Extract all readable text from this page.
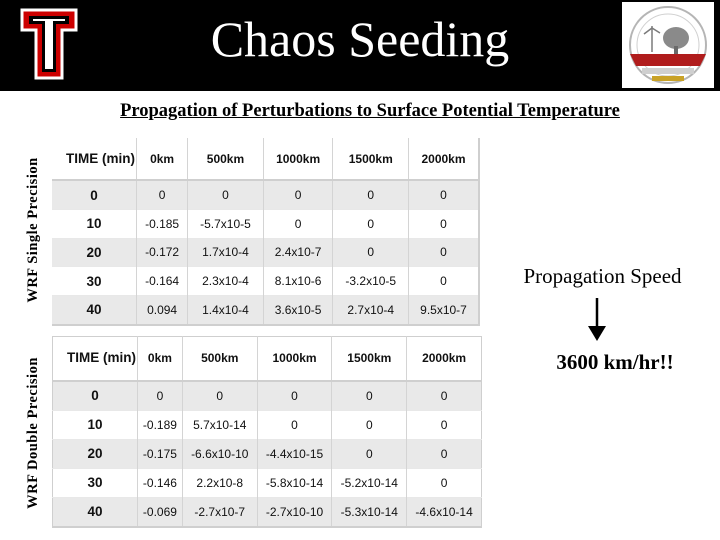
Chaos Seeding
Propagation of Perturbations to Surface Potential Temperature
WRF Single Precision
WRF Double Precision
TIME (min)	0km	500km	1000km	1500km	2000km
0	0	0	0	0	0
10	-0.185	-5.7x10-5	0	0	0
20	-0.172	1.7x10-4	2.4x10-7	0	0
30	-0.164	2.3x10-4	8.1x10-6	-3.2x10-5	0
40	0.094	1.4x10-4	3.6x10-5	2.7x10-4	9.5x10-7
TIME (min)	0km	500km	1000km	1500km	2000km
0	0	0	0	0	0
10	-0.189	5.7x10-14	0	0	0
20	-0.175	-6.6x10-10	-4.4x10-15	0	0
30	-0.146	2.2x10-8	-5.8x10-14	-5.2x10-14	0
40	-0.069	-2.7x10-7	-2.7x10-10	-5.3x10-14	-4.6x10-14
Propagation Speed
3600 km/hr!!
